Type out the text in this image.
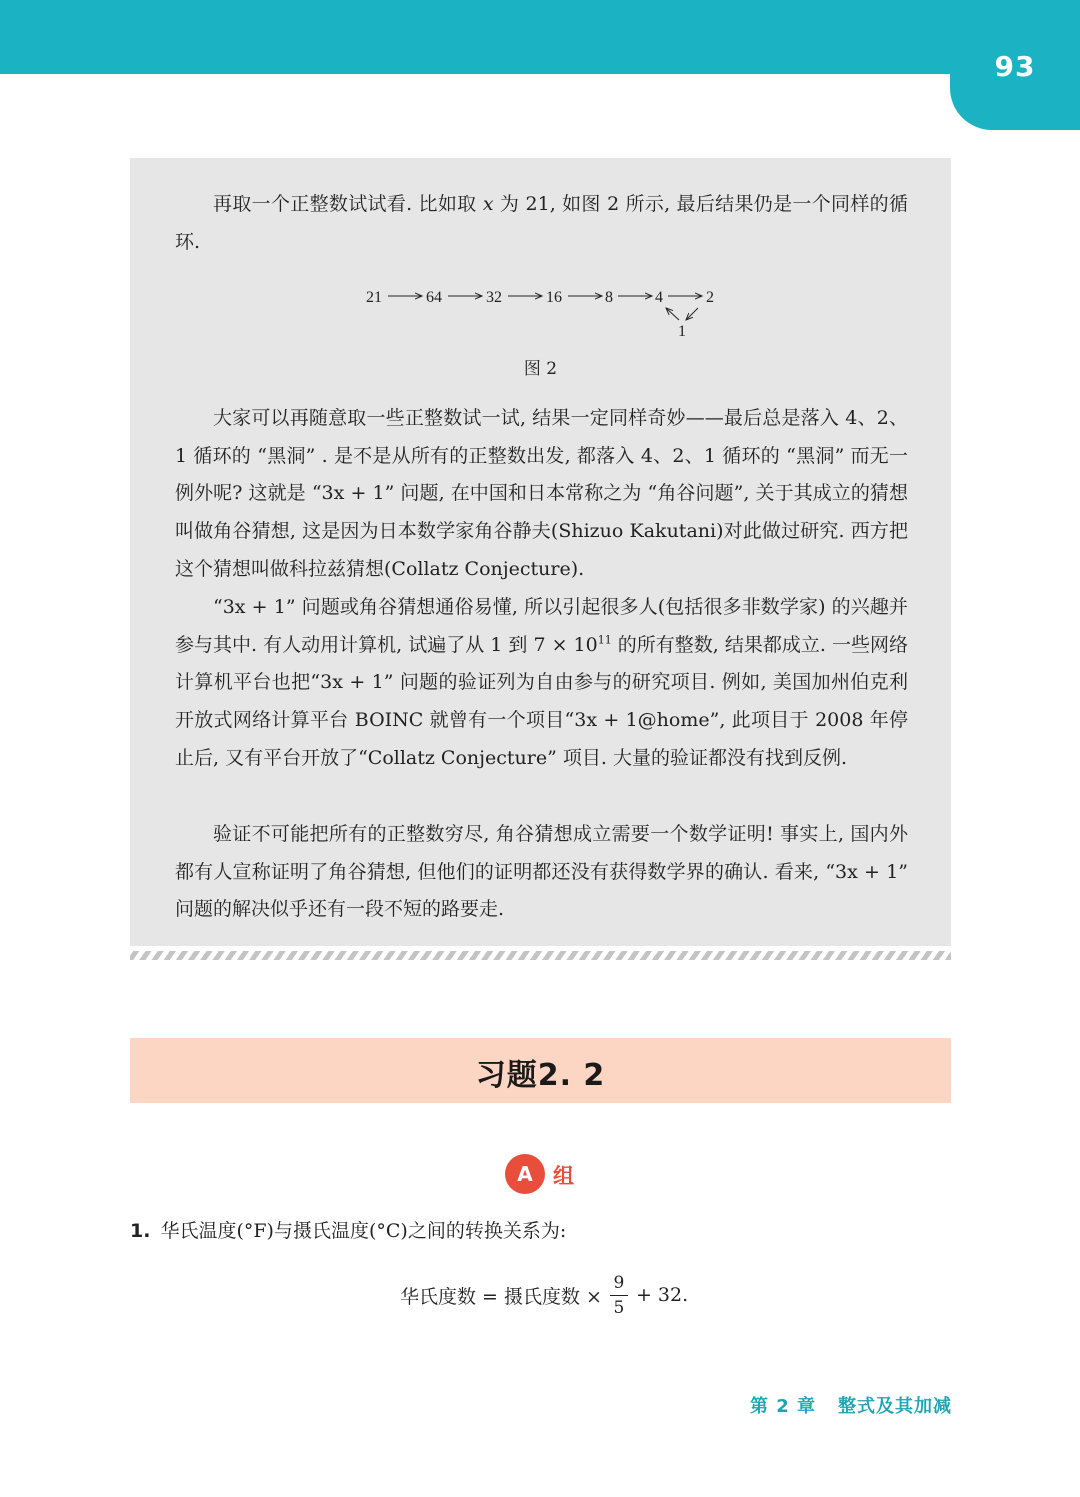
93

再取一个正整数试试看. 比如取 x 为 21, 如图 2 所示, 最后结果仍是一个同样的循环.

21	64	32	16	8	4	2
1
图 2

大家可以再随意取一些正整数试一试, 结果一定同样奇妙——最后总是落入 4、2、1 循环的 “黑洞” . 是不是从所有的正整数出发, 都落入 4、2、1 循环的 “黑洞” 而无一例外呢? 这就是 “3x + 1” 问题, 在中国和日本常称之为 “角谷问题”, 关于其成立的猜想叫做角谷猜想, 这是因为日本数学家角谷静夫(Shizuo Kakutani)对此做过研究. 西方把这个猜想叫做科拉兹猜想(Collatz Conjecture).

“3x + 1” 问题或角谷猜想通俗易懂, 所以引起很多人(包括很多非数学家) 的兴趣并参与其中. 有人动用计算机, 试遍了从 1 到 $7 \times 10^{11}$ 的所有整数, 结果都成立. 一些网络计算机平台也把“3x + 1” 问题的验证列为自由参与的研究项目. 例如, 美国加州伯克利开放式网络计算平台 BOINC 就曾有一个项目“3x + 1@home”, 此项目于 2008 年停止后, 又有平台开放了“Collatz Conjecture” 项目. 大量的验证都没有找到反例.

验证不可能把所有的正整数穷尽, 角谷猜想成立需要一个数学证明! 事实上, 国内外都有人宣称证明了角谷猜想, 但他们的证明都还没有获得数学界的确认. 看来, “3x + 1” 问题的解决似乎还有一段不短的路要走.

习题2. 2
A 组
1. 华氏温度(°F)与摄氏温度(°C)之间的转换关系为:
华氏度数 = 摄氏度数 × $\frac{9}{5} + 32$.
第 2 章 整式及其加减
